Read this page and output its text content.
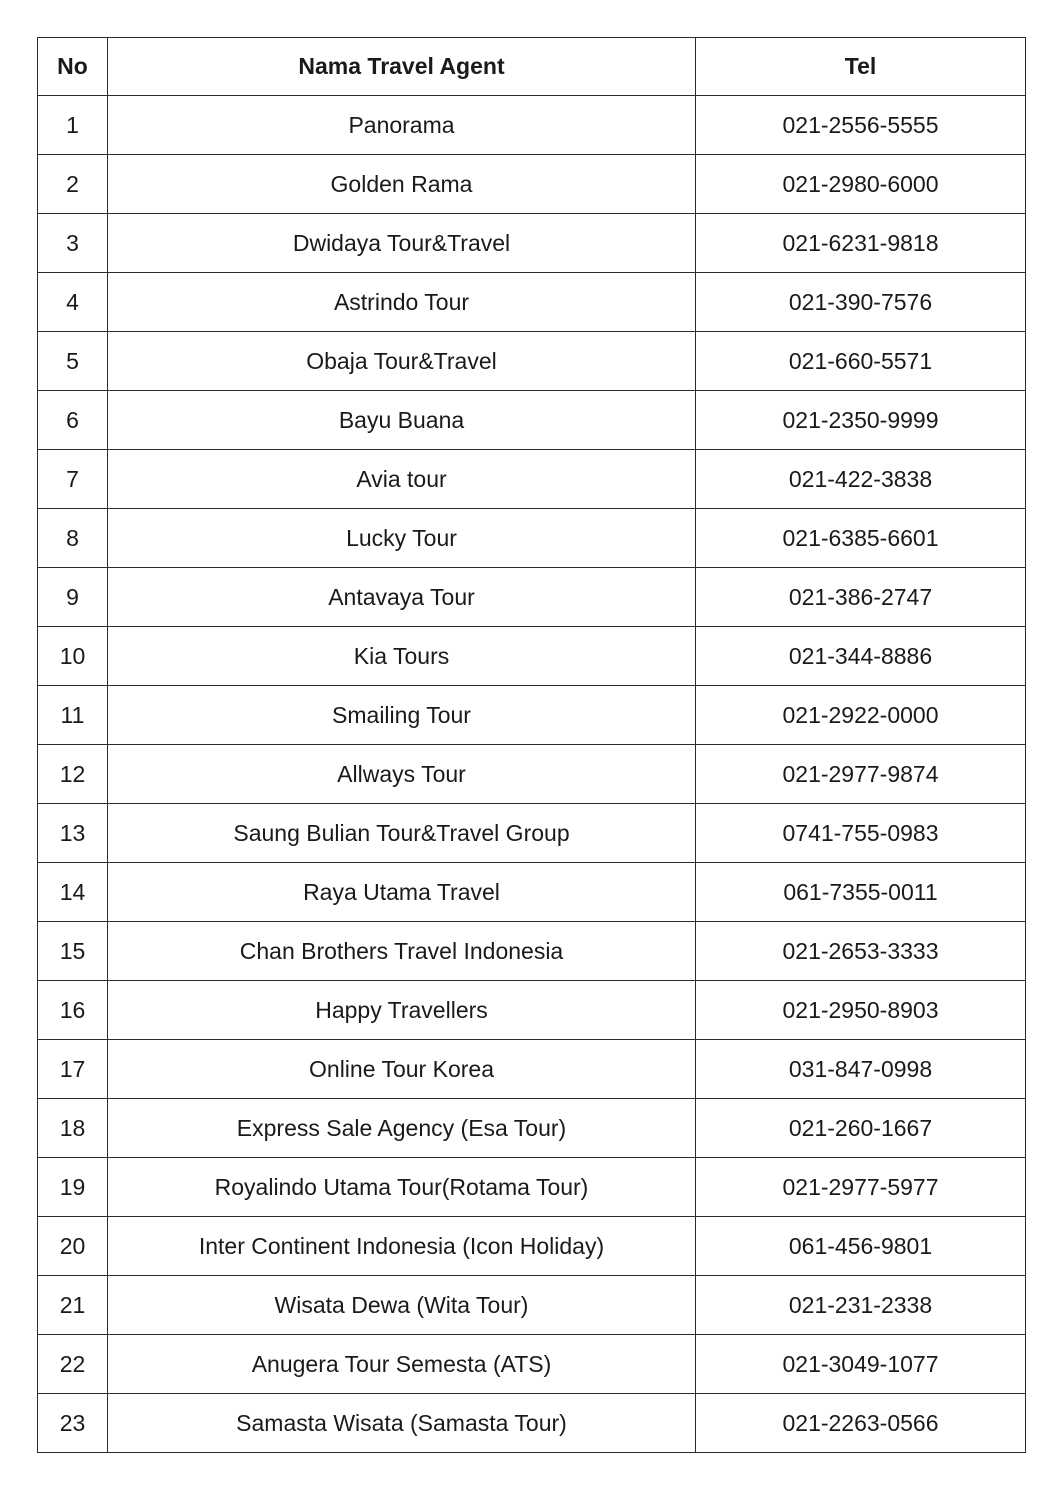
No	Nama Travel Agent	Tel
1	Panorama	021-2556-5555
2	Golden Rama	021-2980-6000
3	Dwidaya Tour&Travel	021-6231-9818
4	Astrindo Tour	021-390-7576
5	Obaja Tour&Travel	021-660-5571
6	Bayu Buana	021-2350-9999
7	Avia tour	021-422-3838
8	Lucky Tour	021-6385-6601
9	Antavaya Tour	021-386-2747
10	Kia Tours	021-344-8886
11	Smailing Tour	021-2922-0000
12	Allways Tour	021-2977-9874
13	Saung Bulian Tour&Travel Group	0741-755-0983
14	Raya Utama Travel	061-7355-0011
15	Chan Brothers Travel Indonesia	021-2653-3333
16	Happy Travellers	021-2950-8903
17	Online Tour Korea	031-847-0998
18	Express Sale Agency (Esa Tour)	021-260-1667
19	Royalindo Utama Tour(Rotama Tour)	021-2977-5977
20	Inter Continent Indonesia (Icon Holiday)	061-456-9801
21	Wisata Dewa (Wita Tour)	021-231-2338
22	Anugera Tour Semesta (ATS)	021-3049-1077
23	Samasta Wisata (Samasta Tour)	021-2263-0566
